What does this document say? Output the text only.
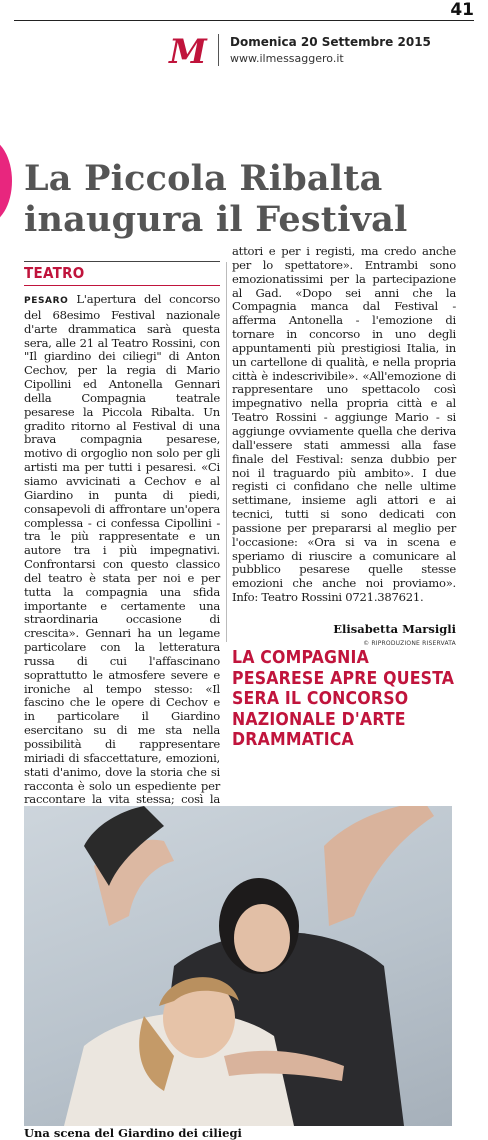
41
M Domenica 20 Settembre 2015
www.ilmessaggero.it
La Piccola Ribalta inaugura il Festival
TEATRO

PESARO L'apertura del concorso del 68esimo Festival nazionale d'arte drammatica sarà questa sera, alle 21 al Teatro Rossini, con "Il giardino dei ciliegi" di Anton Cechov, per la regia di Mario Cipollini ed Antonella Gennari della Compagnia teatrale pesarese la Piccola Ribalta. Un gradito ritorno al Festival di una brava compagnia pesarese, motivo di orgoglio non solo per gli artisti ma per tutti i pesaresi. «Ci siamo avvicinati a Cechov e al Giardino in punta di piedi, consapevoli di affrontare un'opera complessa - ci confessa Cipollini - tra le più rappresentate e un autore tra i più impegnativi. Confrontarsi con questo classico del teatro è stata per noi e per tutta la compagnia una sfida importante e certamente una straordinaria occasione di crescita». Gennari ha un legame particolare con la letteratura russa di cui l'affascinano soprattutto le atmosfere severe e ironiche al tempo stesso: «Il fascino che le opere di Cechov e in particolare il Giardino esercitano su di me sta nella possibilità di rappresentare miriadi di sfaccettature, emozioni, stati d'animo, dove la storia che si racconta è solo un espediente per raccontare la vita stessa; così la

attori e per i registi, ma credo anche per lo spettatore». Entrambi sono emozionatissimi per la partecipazione al Gad. «Dopo sei anni che la Compagnia manca dal Festival - afferma Antonella - l'emozione di tornare in concorso in uno degli appuntamenti più prestigiosi Italia, in un cartellone di qualità, e nella propria città è indescrivibile». «All'emozione di rappresentare uno spettacolo così impegnativo nella propria città e al Teatro Rossini - aggiunge Mario - si aggiunge ovviamente quella che deriva dall'essere stati ammessi alla fase finale del Festival: senza dubbio per noi il traguardo più ambito». I due registi ci confidano che nelle ultime settimane, insieme agli attori e ai tecnici, tutti si sono dedicati con passione per prepararsi al meglio per l'occasione: «Ora si va in scena e speriamo di riuscire a comunicare al pubblico pesarese quelle stesse emozioni che anche noi proviamo». Info: Teatro Rossini 0721.387621.

Elisabetta Marsigli
© RIPRODUZIONE RISERVATA
LA COMPAGNIA PESARESE APRE QUESTA SERA IL CONCORSO NAZIONALE D'ARTE DRAMMATICA
Una scena del Giardino dei ciliegi
